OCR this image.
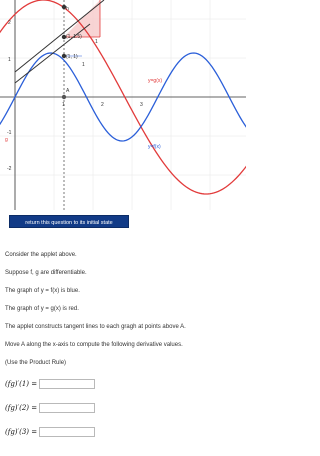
2
1
-1
-2
1	2	3
h
A
(1, 1.5)
(1, 1)
1
1
y=g(x)
y=f(x)
g
return this question to its initial state
Consider the applet above.
Suppose f, g are differentiable.
The graph of y = f(x) is blue.
The graph of y = g(x) is red.
The applet constructs tangent lines to each gragh at points above A.
Move A along the x-axis to compute the following derivative values.
(Use the Product Rule)
(fg)′(1) =
(fg)′(2) =
(fg)′(3) =
